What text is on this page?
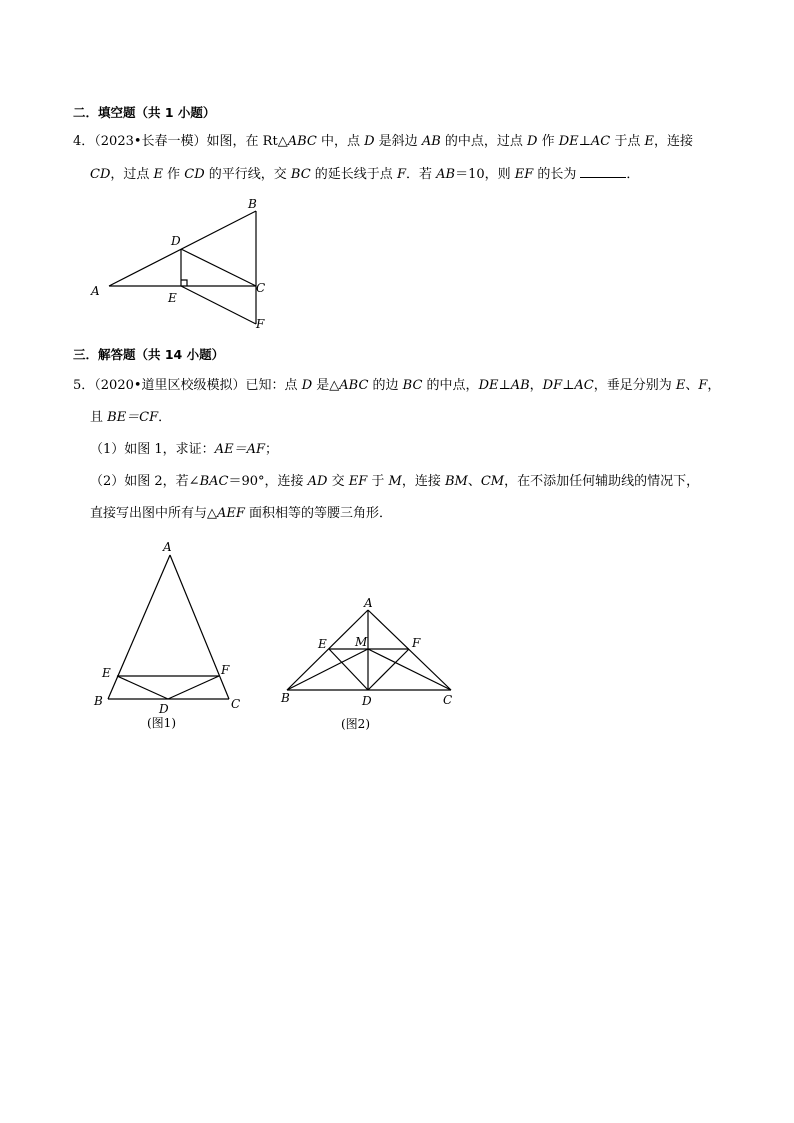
二．填空题（共 1 小题）
4．（2023•长春一模）如图，在 Rt△ABC 中，点 D 是斜边 AB 的中点，过点 D 作 DE⊥AC 于点 E，连接
CD，过点 E 作 CD 的平行线，交 BC 的延长线于点 F．若 AB＝10，则 EF 的长为	．
A
B
C
D
E
F
三．解答题（共 14 小题）
5．（2020•道里区校级模拟）已知：点 D 是△ABC 的边 BC 的中点，DE⊥AB，DF⊥AC，垂足分别为 E、F，
且 BE＝CF．
（1）如图 1，求证：AE＝AF；
（2）如图 2，若∠BAC＝90°，连接 AD 交 EF 于 M，连接 BM、CM，在不添加任何辅助线的情况下，
直接写出图中所有与△AEF 面积相等的等腰三角形．
A
B	C
D
E	F
(图1)
A
B	C
D
E	F
M
(图2)
